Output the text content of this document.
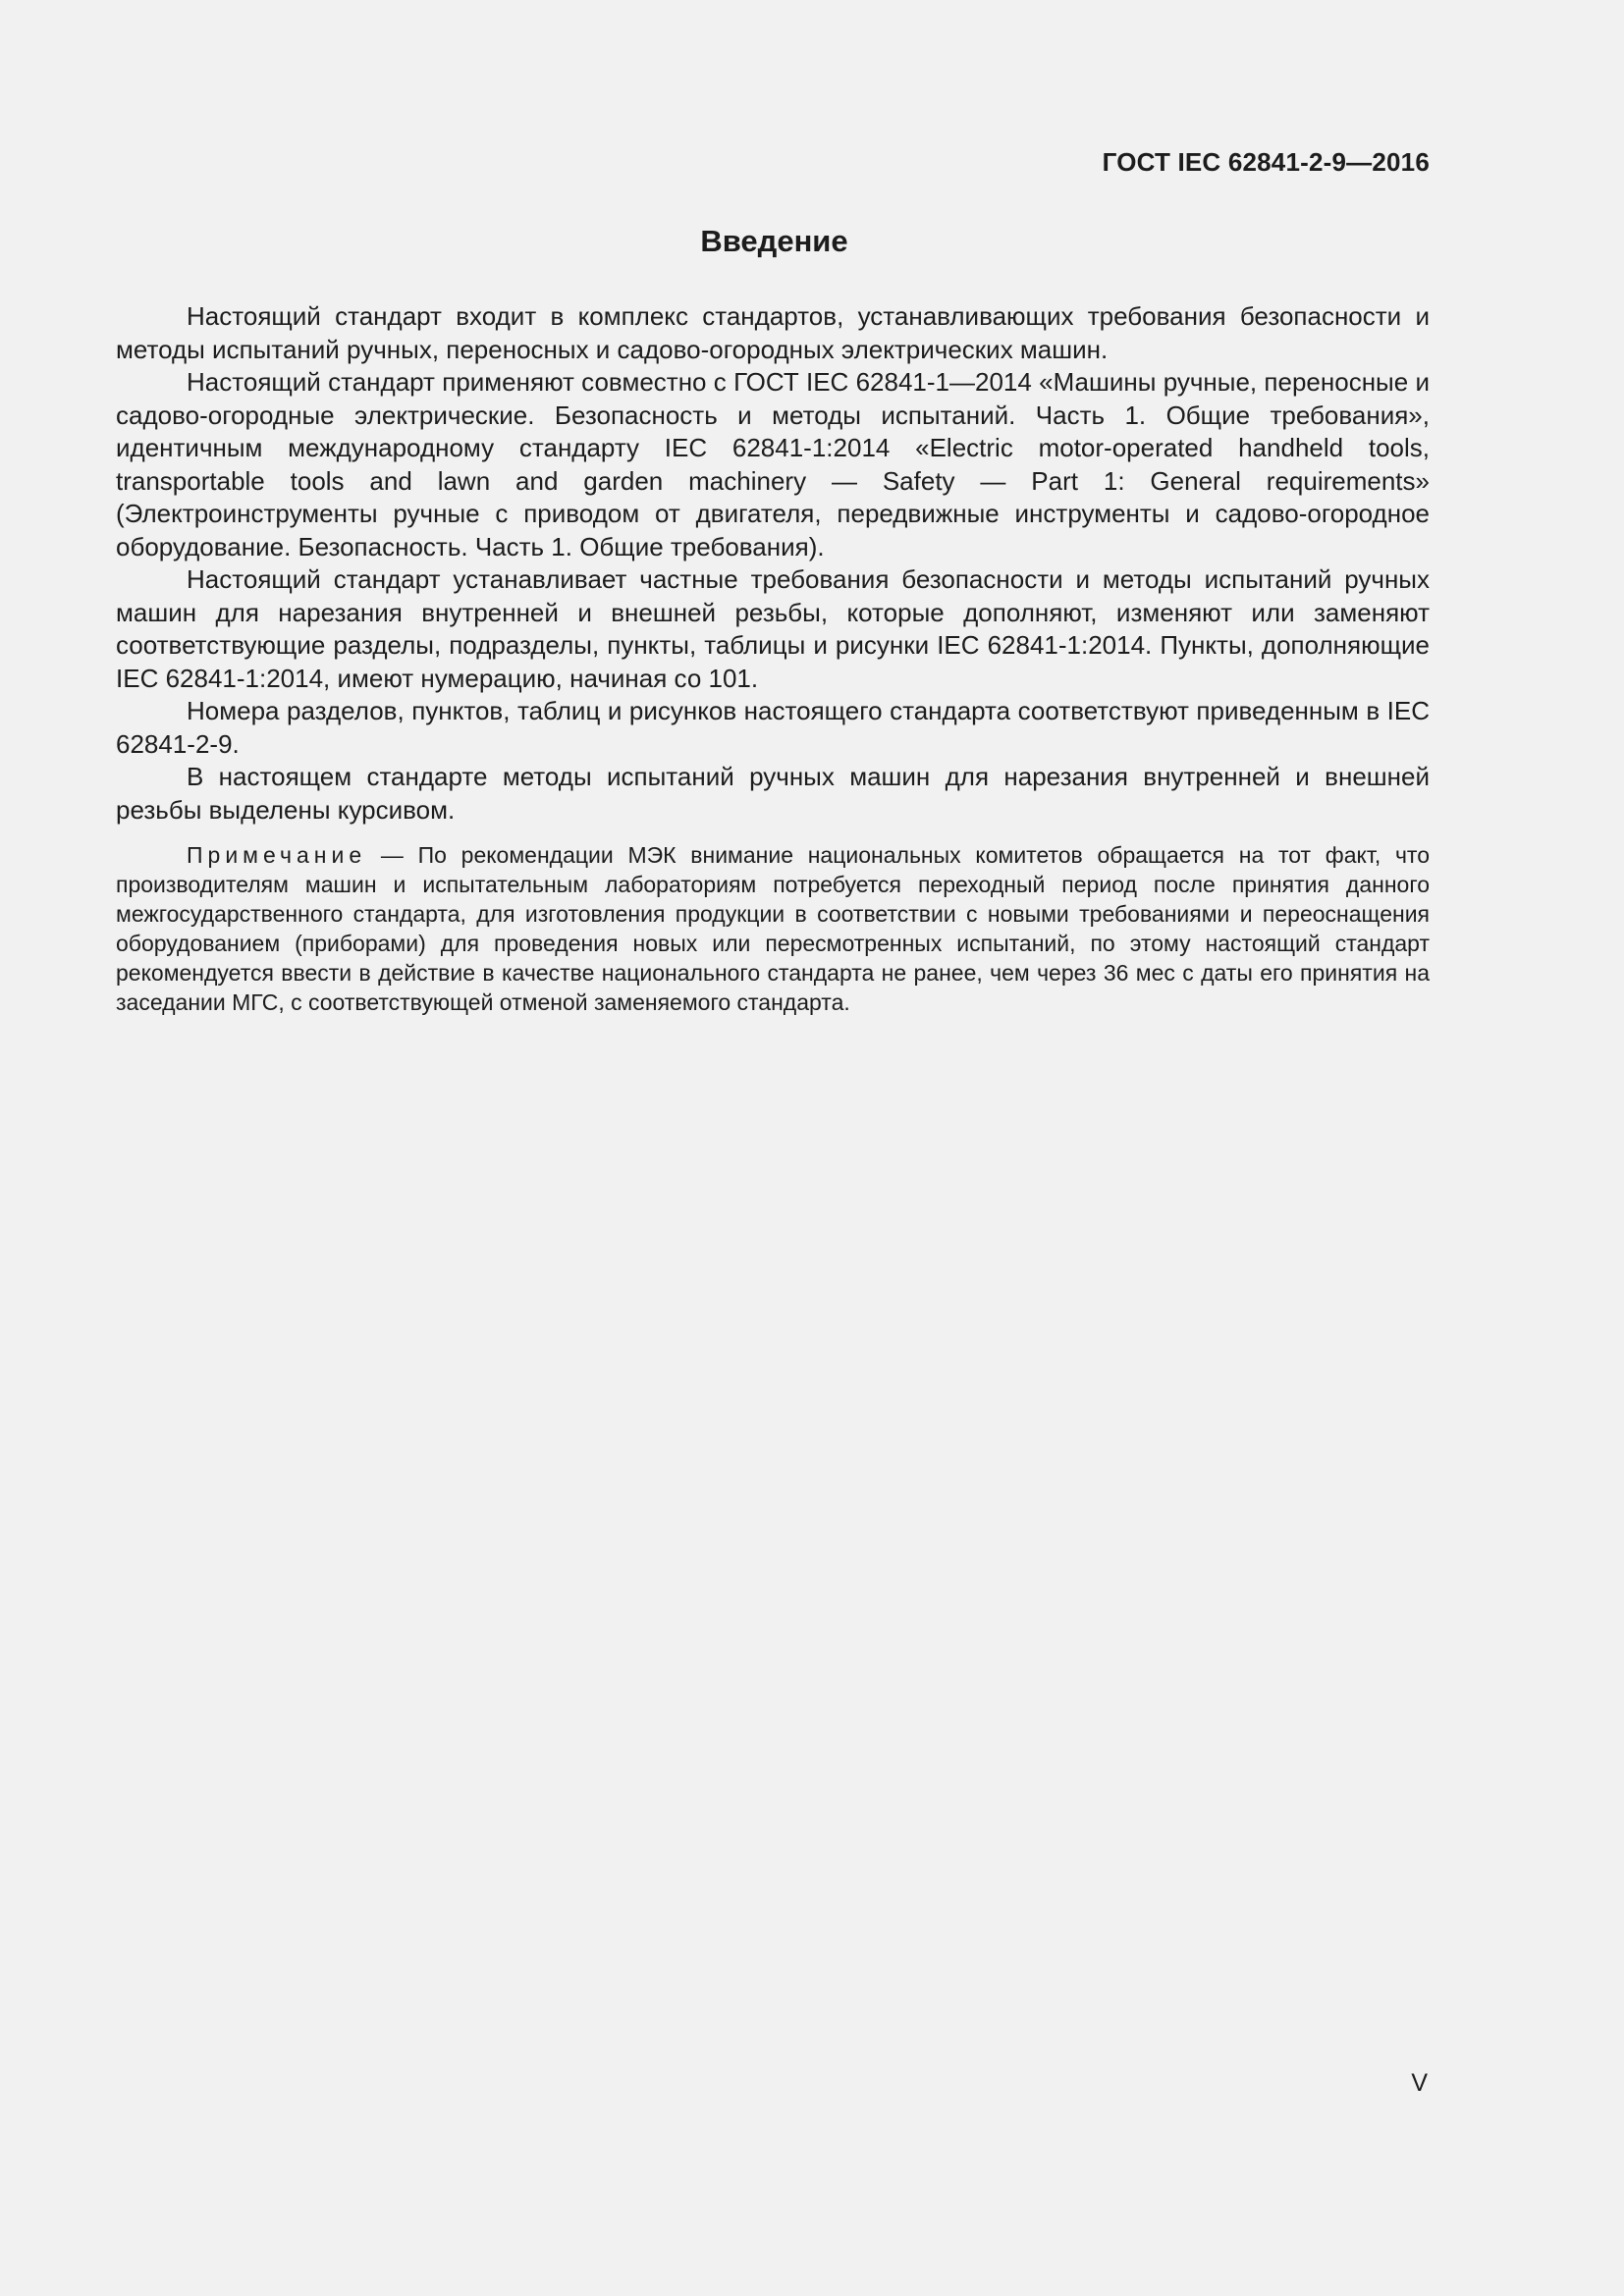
ГОСТ IEC 62841-2-9—2016
Введение

Настоящий стандарт входит в комплекс стандартов, устанавливающих требования безопасности и методы испытаний ручных, переносных и садово-огородных электрических машин.

Настоящий стандарт применяют совместно с ГОСТ IEC 62841-1—2014 «Машины ручные, переносные и садово-огородные электрические. Безопасность и методы испытаний. Часть 1. Общие требования», идентичным международному стандарту IEC 62841-1:2014 «Electric motor-operated handheld tools, transportable tools and lawn and garden machinery — Safety — Part 1: General requirements» (Электроинструменты ручные с приводом от двигателя, передвижные инструменты и садово-огородное оборудование. Безопасность. Часть 1. Общие требования).

Настоящий стандарт устанавливает частные требования безопасности и методы испытаний ручных машин для нарезания внутренней и внешней резьбы, которые дополняют, изменяют или заменяют соответствующие разделы, подразделы, пункты, таблицы и рисунки IEC 62841-1:2014. Пункты, дополняющие IEC 62841-1:2014, имеют нумерацию, начиная со 101.

Номера разделов, пунктов, таблиц и рисунков настоящего стандарта соответствуют приведенным в IEC 62841-2-9.

В настоящем стандарте методы испытаний ручных машин для нарезания внутренней и внешней резьбы выделены курсивом.

Примечание — По рекомендации МЭК внимание национальных комитетов обращается на тот факт, что производителям машин и испытательным лабораториям потребуется переходный период после принятия данного межгосударственного стандарта, для изготовления продукции в соответствии с новыми требованиями и переоснащения оборудованием (приборами) для проведения новых или пересмотренных испытаний, по этому настоящий стандарт рекомендуется ввести в действие в качестве национального стандарта не ранее, чем через 36 мес с даты его принятия на заседании МГС, с соответствующей отменой заменяемого стандарта.

V
